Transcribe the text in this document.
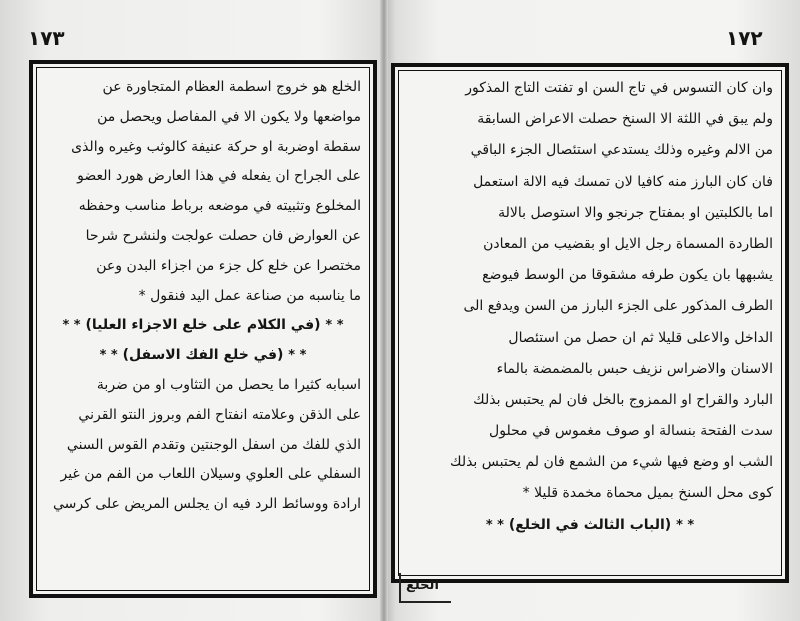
١٧٣
الخلع هو خروج اسطمة العظام المتجاورة عن
مواضعها ولا يكون الا في المفاصل ويحصل من
سقطة اوضربة او حركة عنيفة كالوثب وغيره والذى
على الجراح ان يفعله في هذا العارض هورد العضو
المخلوع وتثبيته في موضعه برباط مناسب وحفظه
عن العوارض فان حصلت عولجت ولنشرح شرحا
مختصرا عن خلع كل جزء من اجزاء البدن وعن
ما يناسبه من صناعة عمل اليد فنقول *
* * (في الكلام على خلع الاجزاء العليا) * *
* * (في خلع الفك الاسفل) * *
اسبابه كثيرا ما يحصل من التثاوب او من ضربة
على الذقن وعلامته انفتاح الفم وبروز النتو القرني
الذي للفك من اسفل الوجنتين وتقدم القوس السني
السفلي على العلوي وسيلان اللعاب من الفم من غير
ارادة ووسائط الرد فيه ان يجلس المريض على كرسي
١٧٢
وان كان التسوس في تاج السن او تفتت التاج المذكور
ولم يبق في اللثة الا السنخ حصلت الاعراض السابقة
من الالم وغيره وذلك يستدعي استئصال الجزء الباقي
فان كان البارز منه كافيا لان تمسك فيه الالة استعمل
اما بالكلبتين او بمفتاح جرنجو والا استوصل بالالة
الطاردة المسماة رجل الايل او بقضيب من المعادن
يشبهها بان يكون طرفه مشقوقا من الوسط فيوضع
الطرف المذكور على الجزء البارز من السن ويدفع الى
الداخل والاعلى قليلا ثم ان حصل من استئصال
الاسنان والاضراس نزيف حبس بالمضمضة بالماء
البارد والقراح او الممزوج بالخل فان لم يحتبس بذلك
سدت الفتحة بنسالة او صوف مغموس في محلول
الشب او وضع فيها شيء من الشمع فان لم يحتبس بذلك
كوى محل السنخ بميل محماة مخمدة قليلا *
* * (الباب الثالث في الخلع) * *
الخلع
